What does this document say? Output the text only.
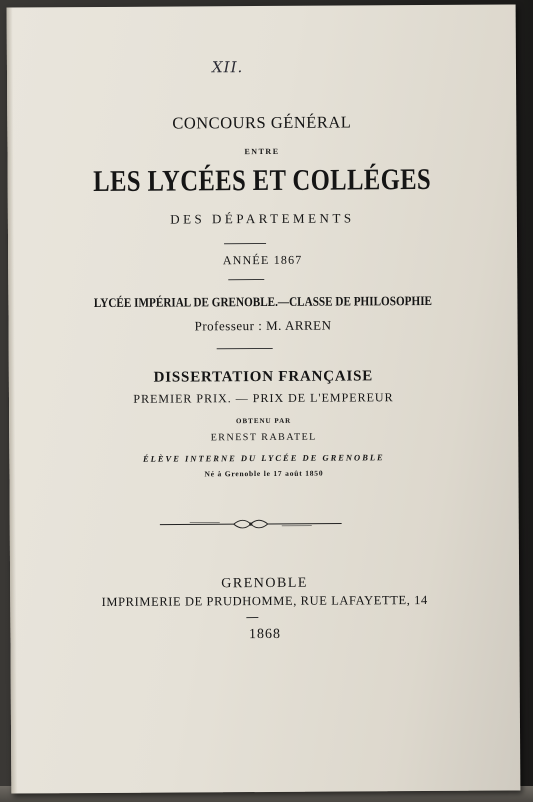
XII.
CONCOURS GÉNÉRAL
ENTRE
LES LYCÉES ET COLLÉGES
DES DÉPARTEMENTS
ANNÉE 1867
LYCÉE IMPÉRIAL DE GRENOBLE.—CLASSE DE PHILOSOPHIE
Professeur : M. ARREN
DISSERTATION FRANÇAISE
PREMIER PRIX. — PRIX DE L'EMPEREUR
OBTENU PAR
ERNEST RABATEL
ÉLÈVE INTERNE DU LYCÉE DE GRENOBLE
Né à Grenoble le 17 août 1850
GRENOBLE
IMPRIMERIE DE PRUDHOMME, RUE LAFAYETTE, 14
1868
